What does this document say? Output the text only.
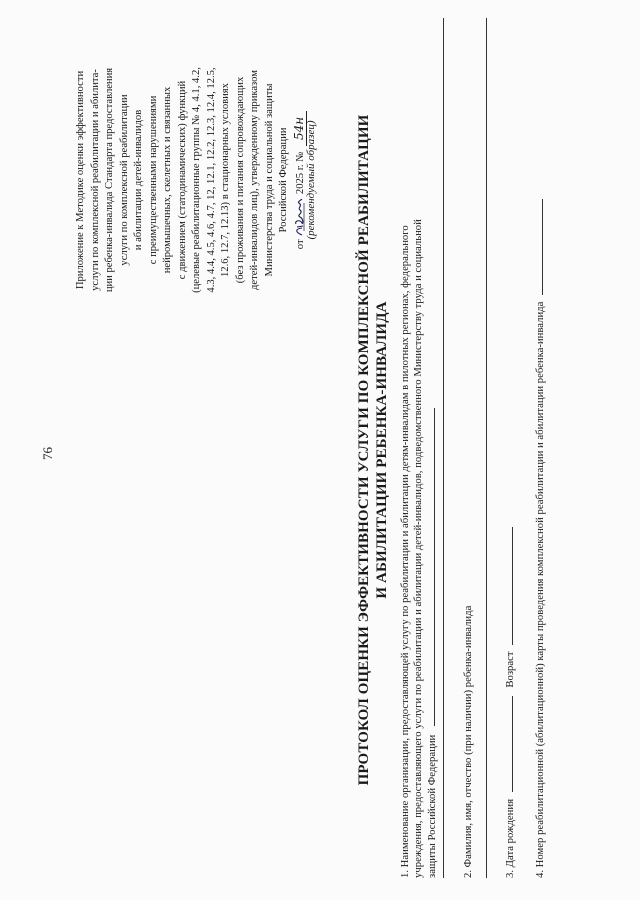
76
Приложение к Методике оценки эффективности услуги по комплексной реабилитации и абилита- ции ребенка-инвалида Стандарта предоставления услуги по комплексной реабилитации и абилитации детей-инвалидов с преимущественными нарушениями нейромышечных, скелетных и связанных с движением (статодинамических) функций (целевые реабилитационные группы № 4, 4.1, 4.2, 4.3, 4.4, 4.5, 4.6, 4.7, 12, 12.1, 12.2, 12.3, 12.4, 12.5, 12.6, 12.7, 12.13) в стационарных условиях (без проживания и питания сопровождающих детей-инвалидов лиц), утвержденному приказом Министерства труда и социальной защиты Российской Федерации
от  2025 г. № 54н (рекомендуемый образец)	ПРОТОКОЛ ОЦЕНКИ ЭФФЕКТИВНОСТИ УСЛУГИ ПО КОМПЛЕКСНОЙ РЕАБИЛИТАЦИИ И АБИЛИТАЦИИ РЕБЕНКА-ИНВАЛИДА 1. Наименование организации, предоставляющей услугу по реабилитации и абилитации детям-инвалидам в пилотных регионах, федерального учреждения, предоставляющего услуги по реабилитации и абилитации детей-инвалидов, подведомственного Министерству труда и социальной защиты Российской Федерации 2. Фамилия, имя, отчество (при наличии) ребенка-инвалида	3. Дата рождения  Возраст 4. Номер реабилитационной (абилитационной) карты проведения комплексной реабилитации и абилитации ребенка-инвалида
